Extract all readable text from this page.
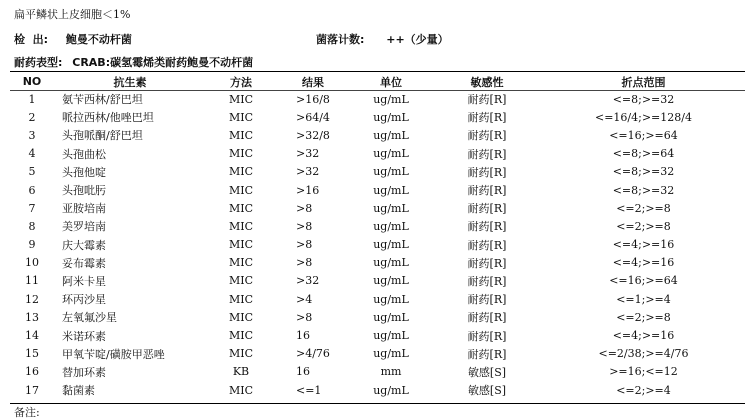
扁平鳞状上皮细胞＜1%
检  出: 鲍曼不动杆菌	菌落计数: ++（少量）
耐药表型: CRAB:碳氢霉烯类耐药鲍曼不动杆菌
NO	抗生素	方法	结果	单位	敏感性	折点范围
1	氨苄西林/舒巴坦	MIC	>16/8	ug/mL	耐药[R]	<=8;>=32
2	哌拉西林/他唑巴坦	MIC	>64/4	ug/mL	耐药[R]	<=16/4;>=128/4
3	头孢哌酮/舒巴坦	MIC	>32/8	ug/mL	耐药[R]	<=16;>=64
4	头孢曲松	MIC	>32	ug/mL	耐药[R]	<=8;>=64
5	头孢他啶	MIC	>32	ug/mL	耐药[R]	<=8;>=32
6	头孢吡肟	MIC	>16	ug/mL	耐药[R]	<=8;>=32
7	亚胺培南	MIC	>8	ug/mL	耐药[R]	<=2;>=8
8	美罗培南	MIC	>8	ug/mL	耐药[R]	<=2;>=8
9	庆大霉素	MIC	>8	ug/mL	耐药[R]	<=4;>=16
10	妥布霉素	MIC	>8	ug/mL	耐药[R]	<=4;>=16
11	阿米卡星	MIC	>32	ug/mL	耐药[R]	<=16;>=64
12	环丙沙星	MIC	>4	ug/mL	耐药[R]	<=1;>=4
13	左氧氟沙星	MIC	>8	ug/mL	耐药[R]	<=2;>=8
14	米诺环素	MIC	16	ug/mL	耐药[R]	<=4;>=16
15	甲氧苄啶/磺胺甲恶唑	MIC	>4/76	ug/mL	耐药[R]	<=2/38;>=4/76
16	替加环素	KB	16	mm	敏感[S]	>=16;<=12
17	黏菌素	MIC	<=1	ug/mL	敏感[S]	<=2;>=4
备注:
